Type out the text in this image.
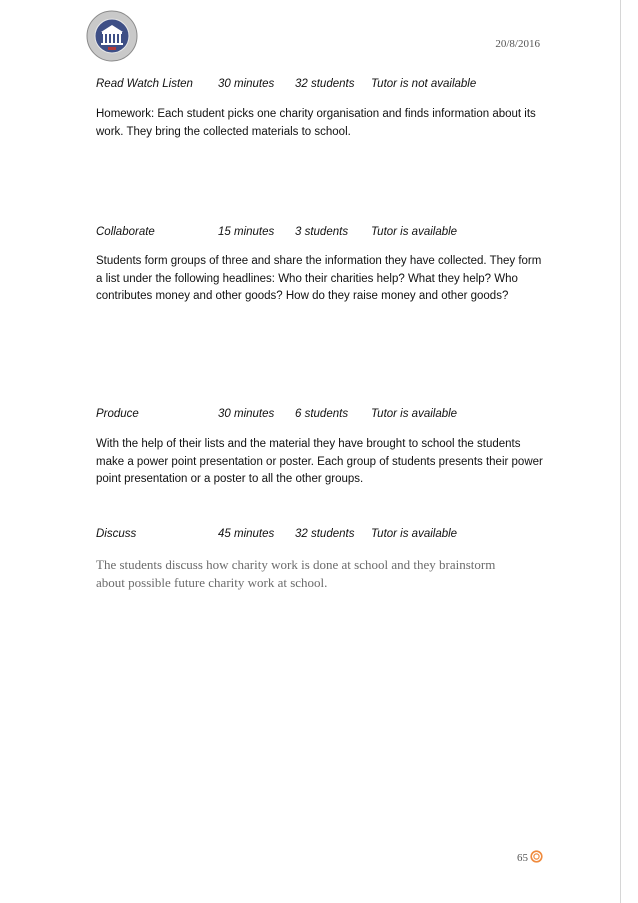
20/8/2016
Read Watch Listen 30 minutes 32 students Tutor is not available
Homework: Each student picks one charity organisation and finds information about its work. They bring the collected materials to school.
Collaborate	15 minutes 3 students Tutor is available
Students form groups of three and share the information they have collected. They form a list under the following headlines: Who their charities help? What they help? Who contributes money and other goods? How do they raise money and other goods?
Produce	30 minutes 6 students Tutor is available
With the help of their lists and the material they have brought to school the students make a power point presentation or poster. Each group of students presents their power point presentation or a poster to all the other groups.
Discuss	45 minutes 32 students Tutor is available
The students discuss how charity work is done at school and they brainstorm about possible future charity work at school.
65
